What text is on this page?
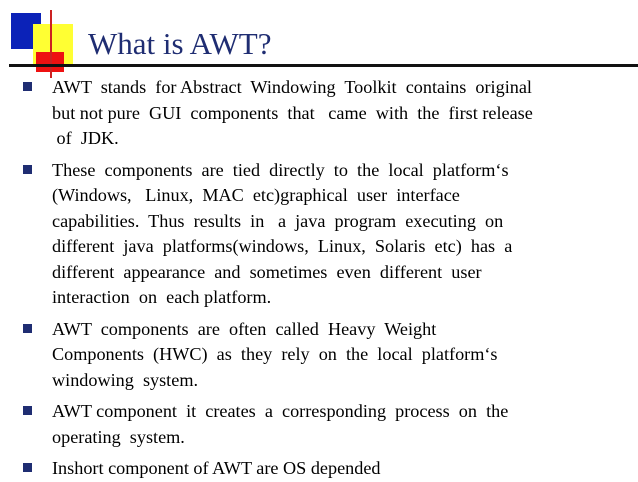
What is AWT?
AWT  stands  for Abstract  Windowing  Toolkit  contains  original
but not pure  GUI  components  that   came  with  the  first release
of  JDK.
These  components  are  tied  directly  to  the  local  platform‘s
(Windows,   Linux,  MAC  etc)graphical  user  interface
capabilities.  Thus  results  in   a  java  program  executing  on
different  java  platforms(windows,  Linux,  Solaris  etc)  has  a
different  appearance  and  sometimes  even  different  user
interaction  on  each platform.
AWT  components  are  often  called  Heavy  Weight
Components  (HWC)  as  they  rely  on  the  local  platform‘s
windowing  system.
AWT component  it  creates  a  corresponding  process  on  the
operating  system.
Inshort component of AWT are OS depended
